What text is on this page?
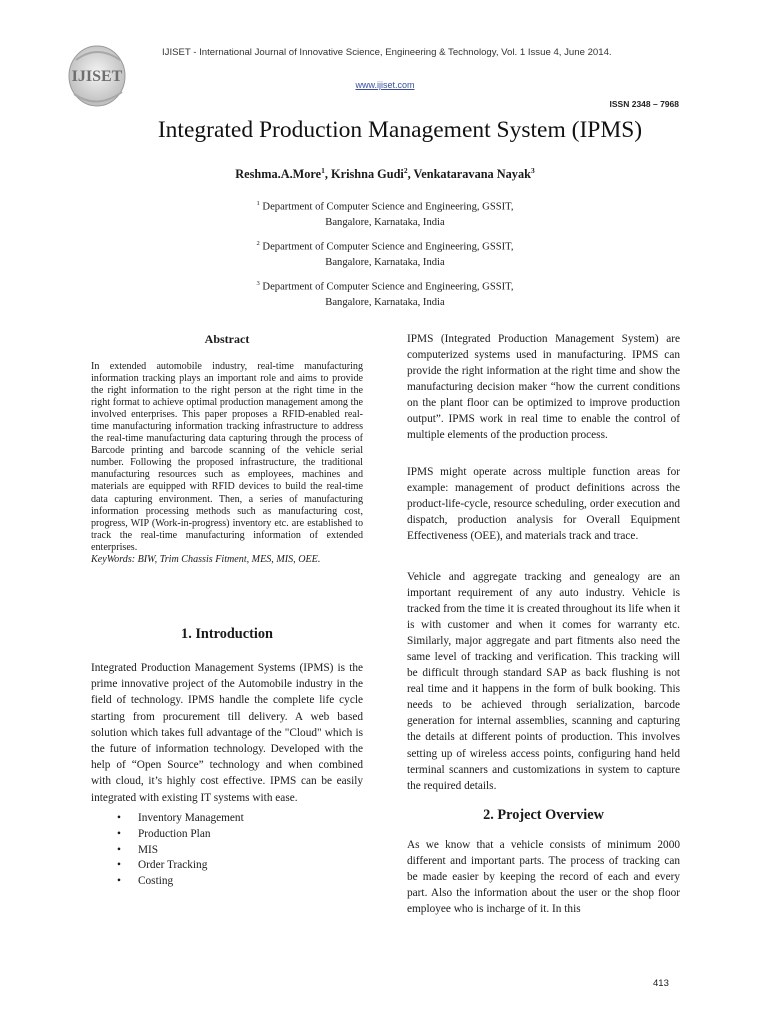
IJISET
IJISET - International Journal of Innovative Science, Engineering & Technology, Vol. 1 Issue 4, June 2014.
www.ijiset.com
ISSN 2348 – 7968
Integrated Production Management System (IPMS)
Reshma.A.More$^1$, Krishna Gudi$^2$, Venkataravana Nayak$^3$
$^1$ Department of Computer Science and Engineering, GSSIT,
Bangalore, Karnataka, India
$^2$ Department of Computer Science and Engineering, GSSIT,
Bangalore, Karnataka, India
$^3$ Department of Computer Science and Engineering, GSSIT,
Bangalore, Karnataka, India
Abstract
In extended automobile industry, real-time manufacturing information tracking plays an important role and aims to provide the right information to the right person at the right time in the right format to achieve optimal production management among the involved enterprises. This paper proposes a RFID-enabled real-time manufacturing information tracking infrastructure to address the real-time manufacturing data capturing through the process of Barcode printing and barcode scanning of the vehicle serial number. Following the proposed infrastructure, the traditional manufacturing resources such as employees, machines and materials are equipped with RFID devices to build the real-time data capturing environment. Then, a series of manufacturing information processing methods such as manufacturing cost, progress, WIP (Work-in-progress) inventory etc. are established to track the real-time manufacturing information of extended enterprises.
KeyWords: BIW, Trim Chassis Fitment, MES, MIS, OEE.
1. Introduction
Integrated Production Management Systems (IPMS) is the prime innovative project of the Automobile industry in the field of technology. IPMS handle the complete life cycle starting from procurement till delivery. A web based solution which takes full advantage of the "Cloud" which is the future of information technology. Developed with the help of “Open Source” technology and when combined with cloud, it’s highly cost effective. IPMS can be easily integrated with existing IT systems with ease.
• Inventory Management
• Production Plan
• MIS
• Order Tracking
• Costing

IPMS (Integrated Production Management System) are computerized systems used in manufacturing. IPMS can provide the right information at the right time and show the manufacturing decision maker “how the current conditions on the plant floor can be optimized to improve production output”. IPMS work in real time to enable the control of multiple elements of the production process.

IPMS might operate across multiple function areas for example: management of product definitions across the product-life-cycle, resource scheduling, order execution and dispatch, production analysis for Overall Equipment Effectiveness (OEE), and materials track and trace.

Vehicle and aggregate tracking and genealogy are an important requirement of any auto industry. Vehicle is tracked from the time it is created throughout its life when it is with customer and when it comes for warranty etc. Similarly, major aggregate and part fitments also need the same level of tracking and verification. This tracking will be difficult through standard SAP as back flushing is not real time and it happens in the form of bulk booking. This needs to be achieved through serialization, barcode generation for internal assemblies, scanning and capturing the details at different points of production. This involves setting up of wireless access points, configuring hand held terminal scanners and customizations in system to capture the required details.

2. Project Overview

As we know that a vehicle consists of minimum 2000 different and important parts. The process of tracking can be made easier by keeping the record of each and every part. Also the information about the user or the shop floor employee who is incharge of it. In this

413
